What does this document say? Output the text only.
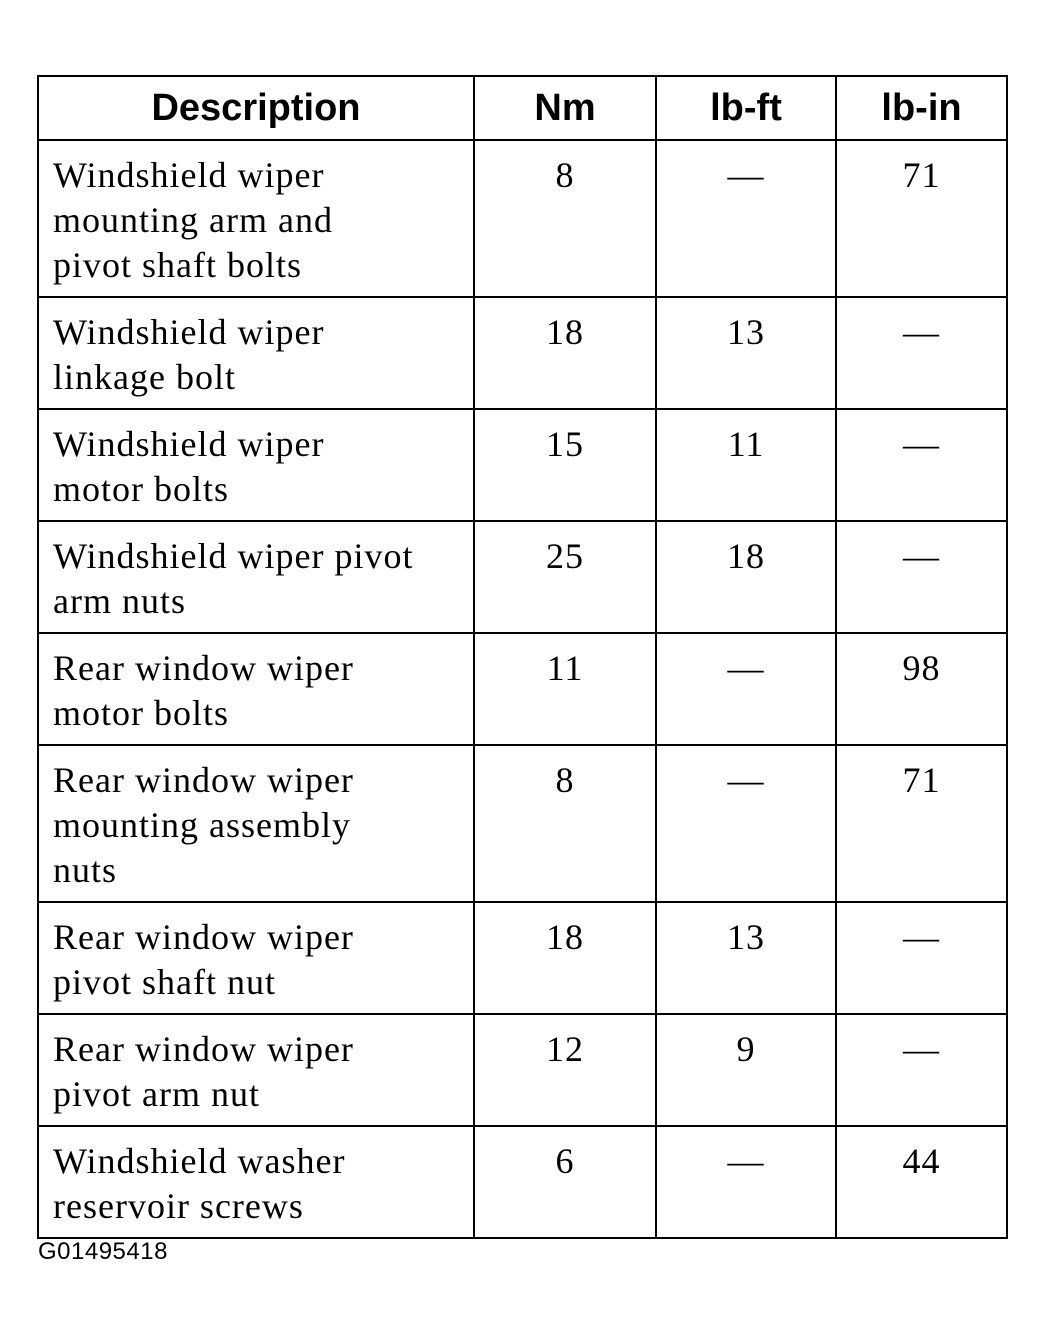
Description	Nm	lb-ft	lb-in
Windshield wiper
mounting arm and
pivot shaft bolts	8	—	71
Windshield wiper
linkage bolt	18	13	—
Windshield wiper
motor bolts	15	11	—
Windshield wiper pivot
arm nuts	25	18	—
Rear window wiper
motor bolts	11	—	98
Rear window wiper
mounting assembly
nuts	8	—	71
Rear window wiper
pivot shaft nut	18	13	—
Rear window wiper
pivot arm nut	12	9	—
Windshield washer
reservoir screws	6	—	44
G01495418
